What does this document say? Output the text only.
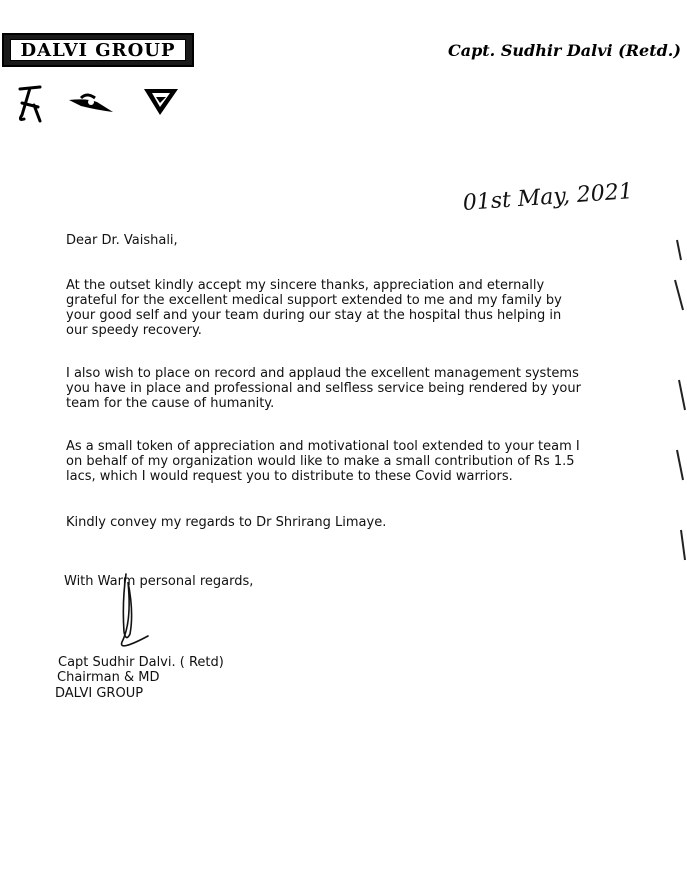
DALVI GROUP	Capt. Sudhir Dalvi (Retd.)
01st May, 2021

Dear Dr. Vaishali,

At the outset kindly accept my sincere thanks, appreciation and eternally grateful for the excellent medical support extended to me and my family by your good self and your team during our stay at the hospital thus helping in our speedy recovery.

I also wish to place on record and applaud the excellent management systems you have in place and professional and selfless service being rendered by your team for the cause of humanity.

As a small token of appreciation and motivational tool extended to your team I on behalf of my organization would like to make a small contribution of Rs 1.5 lacs, which I would request you to distribute to these Covid warriors.

Kindly convey my regards to Dr Shrirang Limaye.

With Warm personal regards,

Capt Sudhir Dalvi. ( Retd)
Chairman & MD
DALVI GROUP
